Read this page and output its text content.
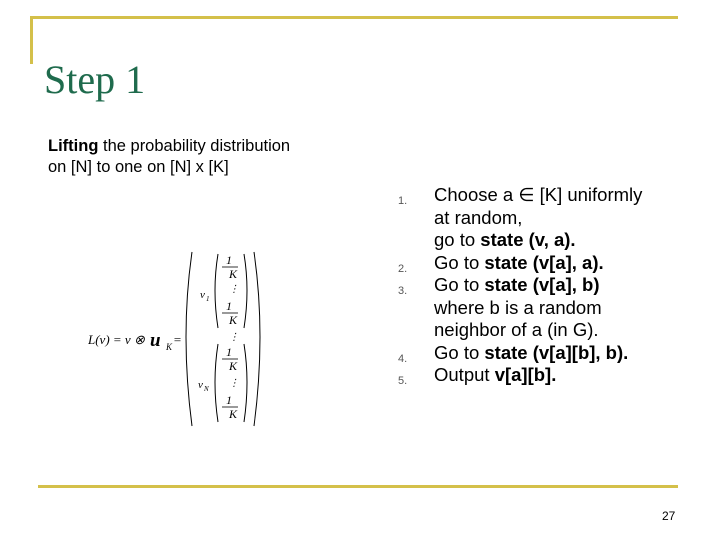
Step 1
Lifting the probability distribution
on [N] to one on [N] x [K]
L(v) = v ⊗ u K =
v 1
1
K
⋮
1
K
⋮
v N
1
K
⋮
1
K
1. Choose a ∈ [K] uniformly
at random,
go to state (v, a).
2. Go to state (v[a], a).
3. Go to state (v[a], b)
where b is a random
neighbor of a (in G).
4. Go to state (v[a][b], b).
5. Output v[a][b].
27
